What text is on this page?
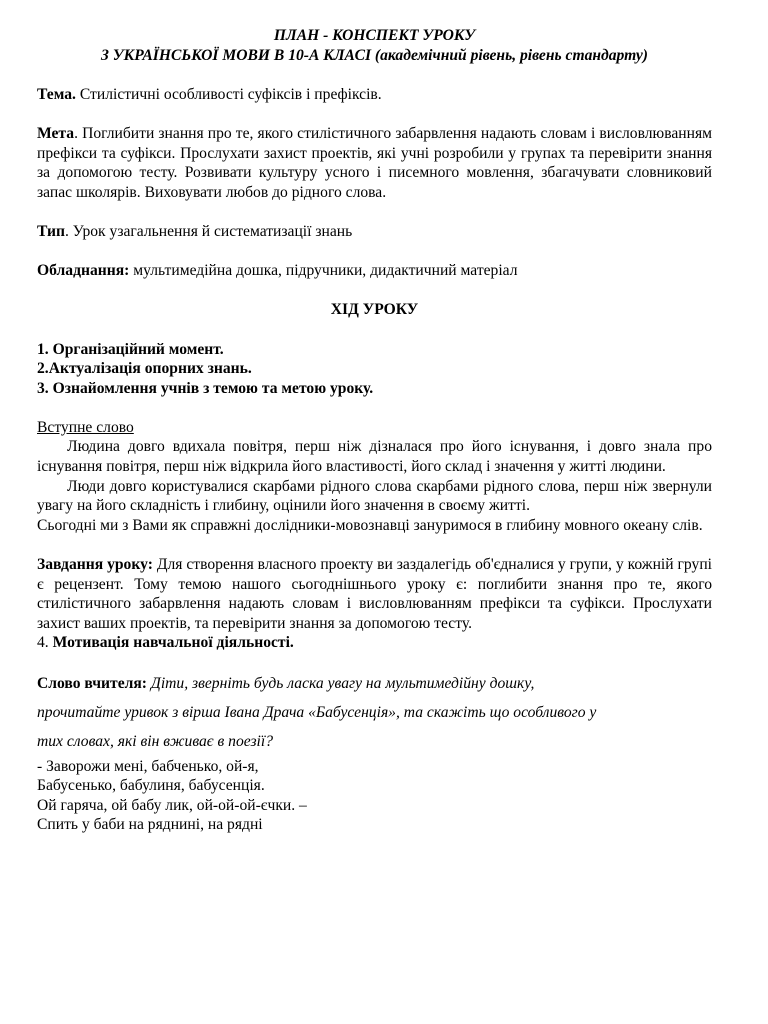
ПЛАН - КОНСПЕКТ УРОКУ
З УКРАЇНСЬКОЇ МОВИ В 10-А КЛАСІ (академічний рівень, рівень стандарту)

Тема. Стилістичні особливості суфіксів і префіксів.

Мета. Поглибити знання про те, якого стилістичного забарвлення надають словам і висловлюванням префікси та суфікси. Прослухати захист проектів, які учні розробили у групах та перевірити знання за допомогою тесту. Розвивати культуру усного і писемного мовлення, збагачувати словниковий запас школярів. Виховувати любов до рідного слова.

Тип. Урок узагальнення й систематизації знань

Обладнання: мультимедійна дошка, підручники, дидактичний матеріал

ХІД УРОКУ

1. Організаційний момент.

2.Актуалізація опорних знань.

3. Ознайомлення учнів з темою та метою уроку.

Вступне слово

Людина довго вдихала повітря, перш ніж дізналася про його існування, і довго знала про існування повітря, перш ніж відкрила його властивості, його склад і значення у житті людини.

Люди довго користувалися скарбами рідного слова скарбами рідного слова, перш ніж звернули увагу на його складність і глибину, оцінили його значення в своєму житті.

Сьогодні ми з Вами як справжні дослідники-мовознавці зануримося в глибину мовного океану слів.

Завдання уроку: Для створення власного проекту ви заздалегідь об'єдналися у групи, у кожній групі є рецензент. Тому темою нашого сьогоднішнього уроку є: поглибити знання про те, якого стилістичного забарвлення надають словам і висловлюванням префікси та суфікси. Прослухати захист ваших проектів, та перевірити знання за допомогою тесту.

4. Мотивація навчальної діяльності.

Слово вчителя: Діти, зверніть будь ласка увагу на мультимедійну дошку,
прочитайте уривок з вірша Івана Драча «Бабусенція», та скажіть що особливого у
тих словах, які він вживає в поезії?

- Заворожи мені, бабченько, ой-я,
Бабусенько, бабулиня, бабусенція.
Ой гаряча, ой бабу лик, ой-ой-ой-єчки. –
Спить у баби на ряднині, на рядні
